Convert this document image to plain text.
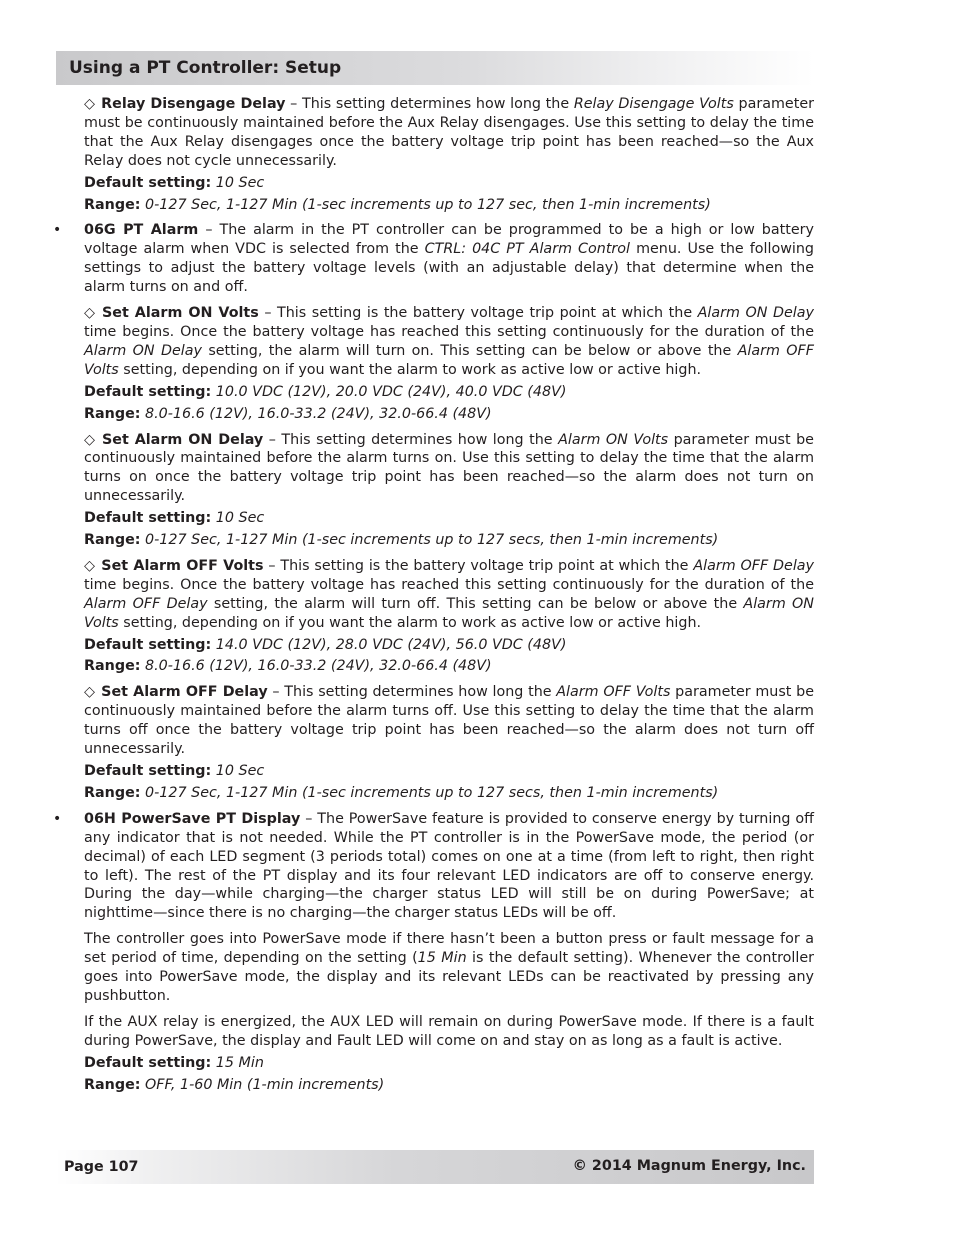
Using a PT Controller: Setup

◇ Relay Disengage Delay – This setting determines how long the Relay Disengage Volts parameter must be continuously maintained before the Aux Relay disengages. Use this setting to delay the time that the Aux Relay disengages once the battery voltage trip point has been reached—so the Aux Relay does not cycle unnecessarily.

Default setting: 10 Sec

Range: 0-127 Sec, 1-127 Min (1-sec increments up to 127 sec, then 1-min increments)

• 06G PT Alarm – The alarm in the PT controller can be programmed to be a high or low battery voltage alarm when VDC is selected from the CTRL: 04C PT Alarm Control menu. Use the following settings to adjust the battery voltage levels (with an adjustable delay) that determine when the alarm turns on and off.

◇ Set Alarm ON Volts – This setting is the battery voltage trip point at which the Alarm ON Delay time begins. Once the battery voltage has reached this setting continuously for the duration of the Alarm ON Delay setting, the alarm will turn on. This setting can be below or above the Alarm OFF Volts setting, depending on if you want the alarm to work as active low or active high.

Default setting: 10.0 VDC (12V), 20.0 VDC (24V), 40.0 VDC (48V)

Range: 8.0-16.6 (12V), 16.0-33.2 (24V), 32.0-66.4 (48V)

◇ Set Alarm ON Delay – This setting determines how long the Alarm ON Volts parameter must be continuously maintained before the alarm turns on. Use this setting to delay the time that the alarm turns on once the battery voltage trip point has been reached—so the alarm does not turn on unnecessarily.

Default setting: 10 Sec

Range: 0-127 Sec, 1-127 Min (1-sec increments up to 127 secs, then 1-min increments)

◇ Set Alarm OFF Volts – This setting is the battery voltage trip point at which the Alarm OFF Delay time begins. Once the battery voltage has reached this setting continuously for the duration of the Alarm OFF Delay setting, the alarm will turn off. This setting can be below or above the Alarm ON Volts setting, depending on if you want the alarm to work as active low or active high.

Default setting: 14.0 VDC (12V), 28.0 VDC (24V), 56.0 VDC (48V)

Range: 8.0-16.6 (12V), 16.0-33.2 (24V), 32.0-66.4 (48V)

◇ Set Alarm OFF Delay – This setting determines how long the Alarm OFF Volts parameter must be continuously maintained before the alarm turns off. Use this setting to delay the time that the alarm turns off once the battery voltage trip point has been reached—so the alarm does not turn off unnecessarily.

Default setting: 10 Sec

Range: 0-127 Sec, 1-127 Min (1-sec increments up to 127 secs, then 1-min increments)

• 06H PowerSave PT Display – The PowerSave feature is provided to conserve energy by turning off any indicator that is not needed. While the PT controller is in the PowerSave mode, the period (or decimal) of each LED segment (3 periods total) comes on one at a time (from left to right, then right to left). The rest of the PT display and its four relevant LED indicators are off to conserve energy. During the day—while charging—the charger status LED will still be on during PowerSave; at nighttime—since there is no charging—the charger status LEDs will be off.

The controller goes into PowerSave mode if there hasn’t been a button press or fault message for a set period of time, depending on the setting (15 Min is the default setting). Whenever the controller goes into PowerSave mode, the display and its relevant LEDs can be reactivated by pressing any pushbutton.

If the AUX relay is energized, the AUX LED will remain on during PowerSave mode. If there is a fault during PowerSave, the display and Fault LED will come on and stay on as long as a fault is active.

Default setting: 15 Min

Range: OFF, 1-60 Min (1-min increments)

Page 107	© 2014 Magnum Energy, Inc.
